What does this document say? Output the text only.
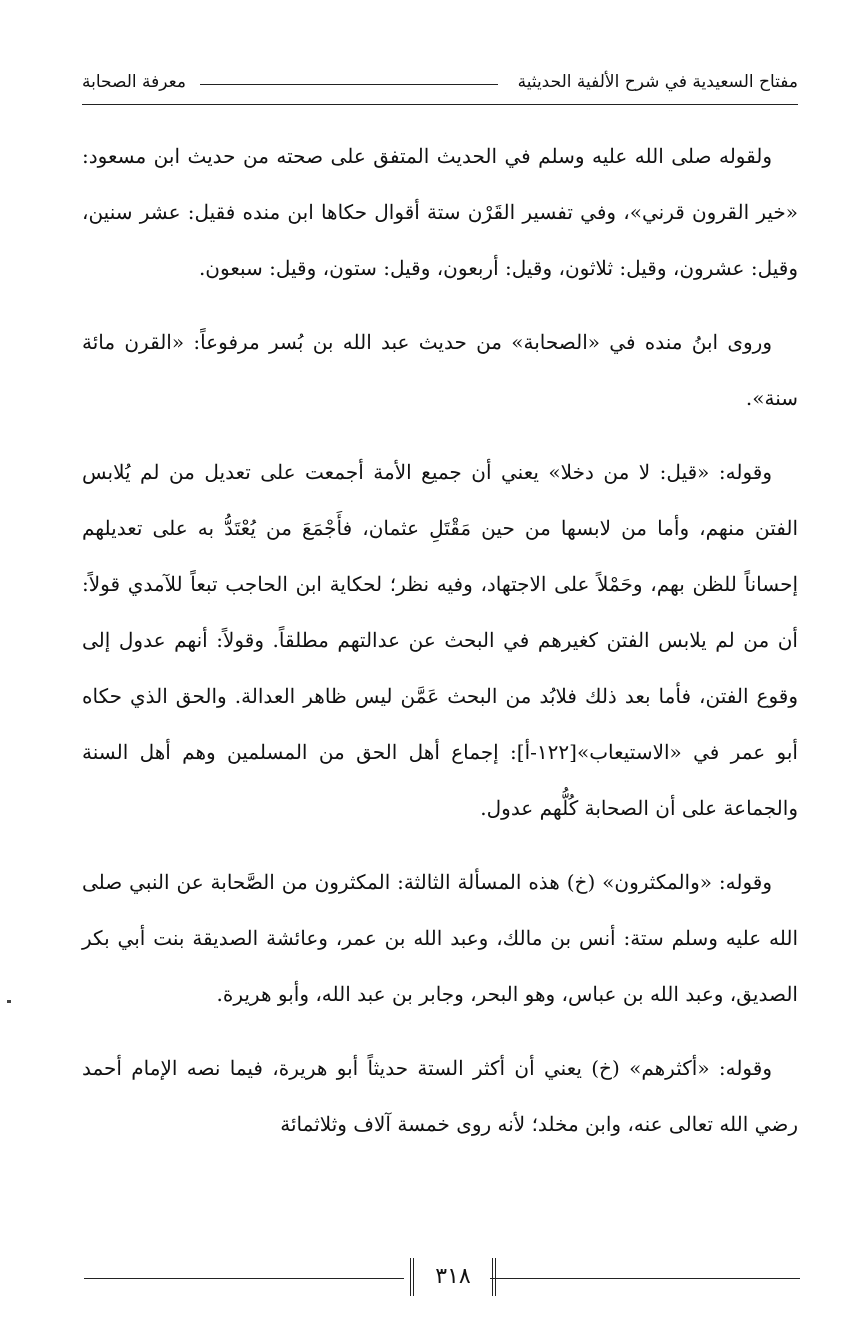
مفتاح السعيدية في شرح الألفية الحديثية
معرفة الصحابة

ولقوله صلى الله عليه وسلم في الحديث المتفق على صحته من حديث ابن مسعود: «خير القرون قرني»، وفي تفسير القَرْن ستة أقوال حكاها ابن منده فقيل: عشر سنين، وقيل: عشرون، وقيل: ثلاثون، وقيل: أربعون، وقيل: ستون، وقيل: سبعون.

وروى ابنُ منده في «الصحابة» من حديث عبد الله بن بُسر مرفوعاً: «القرن مائة سنة».

وقوله: «قيل: لا من دخلا» يعني أن جميع الأمة أجمعت على تعديل من لم يُلابس الفتن منهم، وأما من لابسها من حين مَقْتَلِ عثمان، فأَجْمَعَ من يُعْتَدُّ به على تعديلهم إحساناً للظن بهم، وحَمْلاً على الاجتهاد، وفيه نظر؛ لحكاية ابن الحاجب تبعاً للآمدي قولاً: أن من لم يلابس الفتن كغيرهم في البحث عن عدالتهم مطلقاً. وقولاً: أنهم عدول إلى وقوع الفتن، فأما بعد ذلك فلابُد من البحث عَمَّن ليس ظاهر العدالة. والحق الذي حكاه أبو عمر في «الاستيعاب»[١٢٢-أ]: إجماع أهل الحق من المسلمين وهم أهل السنة والجماعة على أن الصحابة كُلُّهم عدول.

وقوله: «والمكثرون» (خ) هذه المسألة الثالثة: المكثرون من الصَّحابة عن النبي صلى الله عليه وسلم ستة: أنس بن مالك، وعبد الله بن عمر، وعائشة الصديقة بنت أبي بكر الصديق، وعبد الله بن عباس، وهو البحر، وجابر بن عبد الله، وأبو هريرة.

وقوله: «أكثرهم» (خ) يعني أن أكثر الستة حديثاً أبو هريرة، فيما نصه الإمام أحمد رضي الله تعالى عنه، وابن مخلد؛ لأنه روى خمسة آلاف وثلاثمائة

٣١٨
